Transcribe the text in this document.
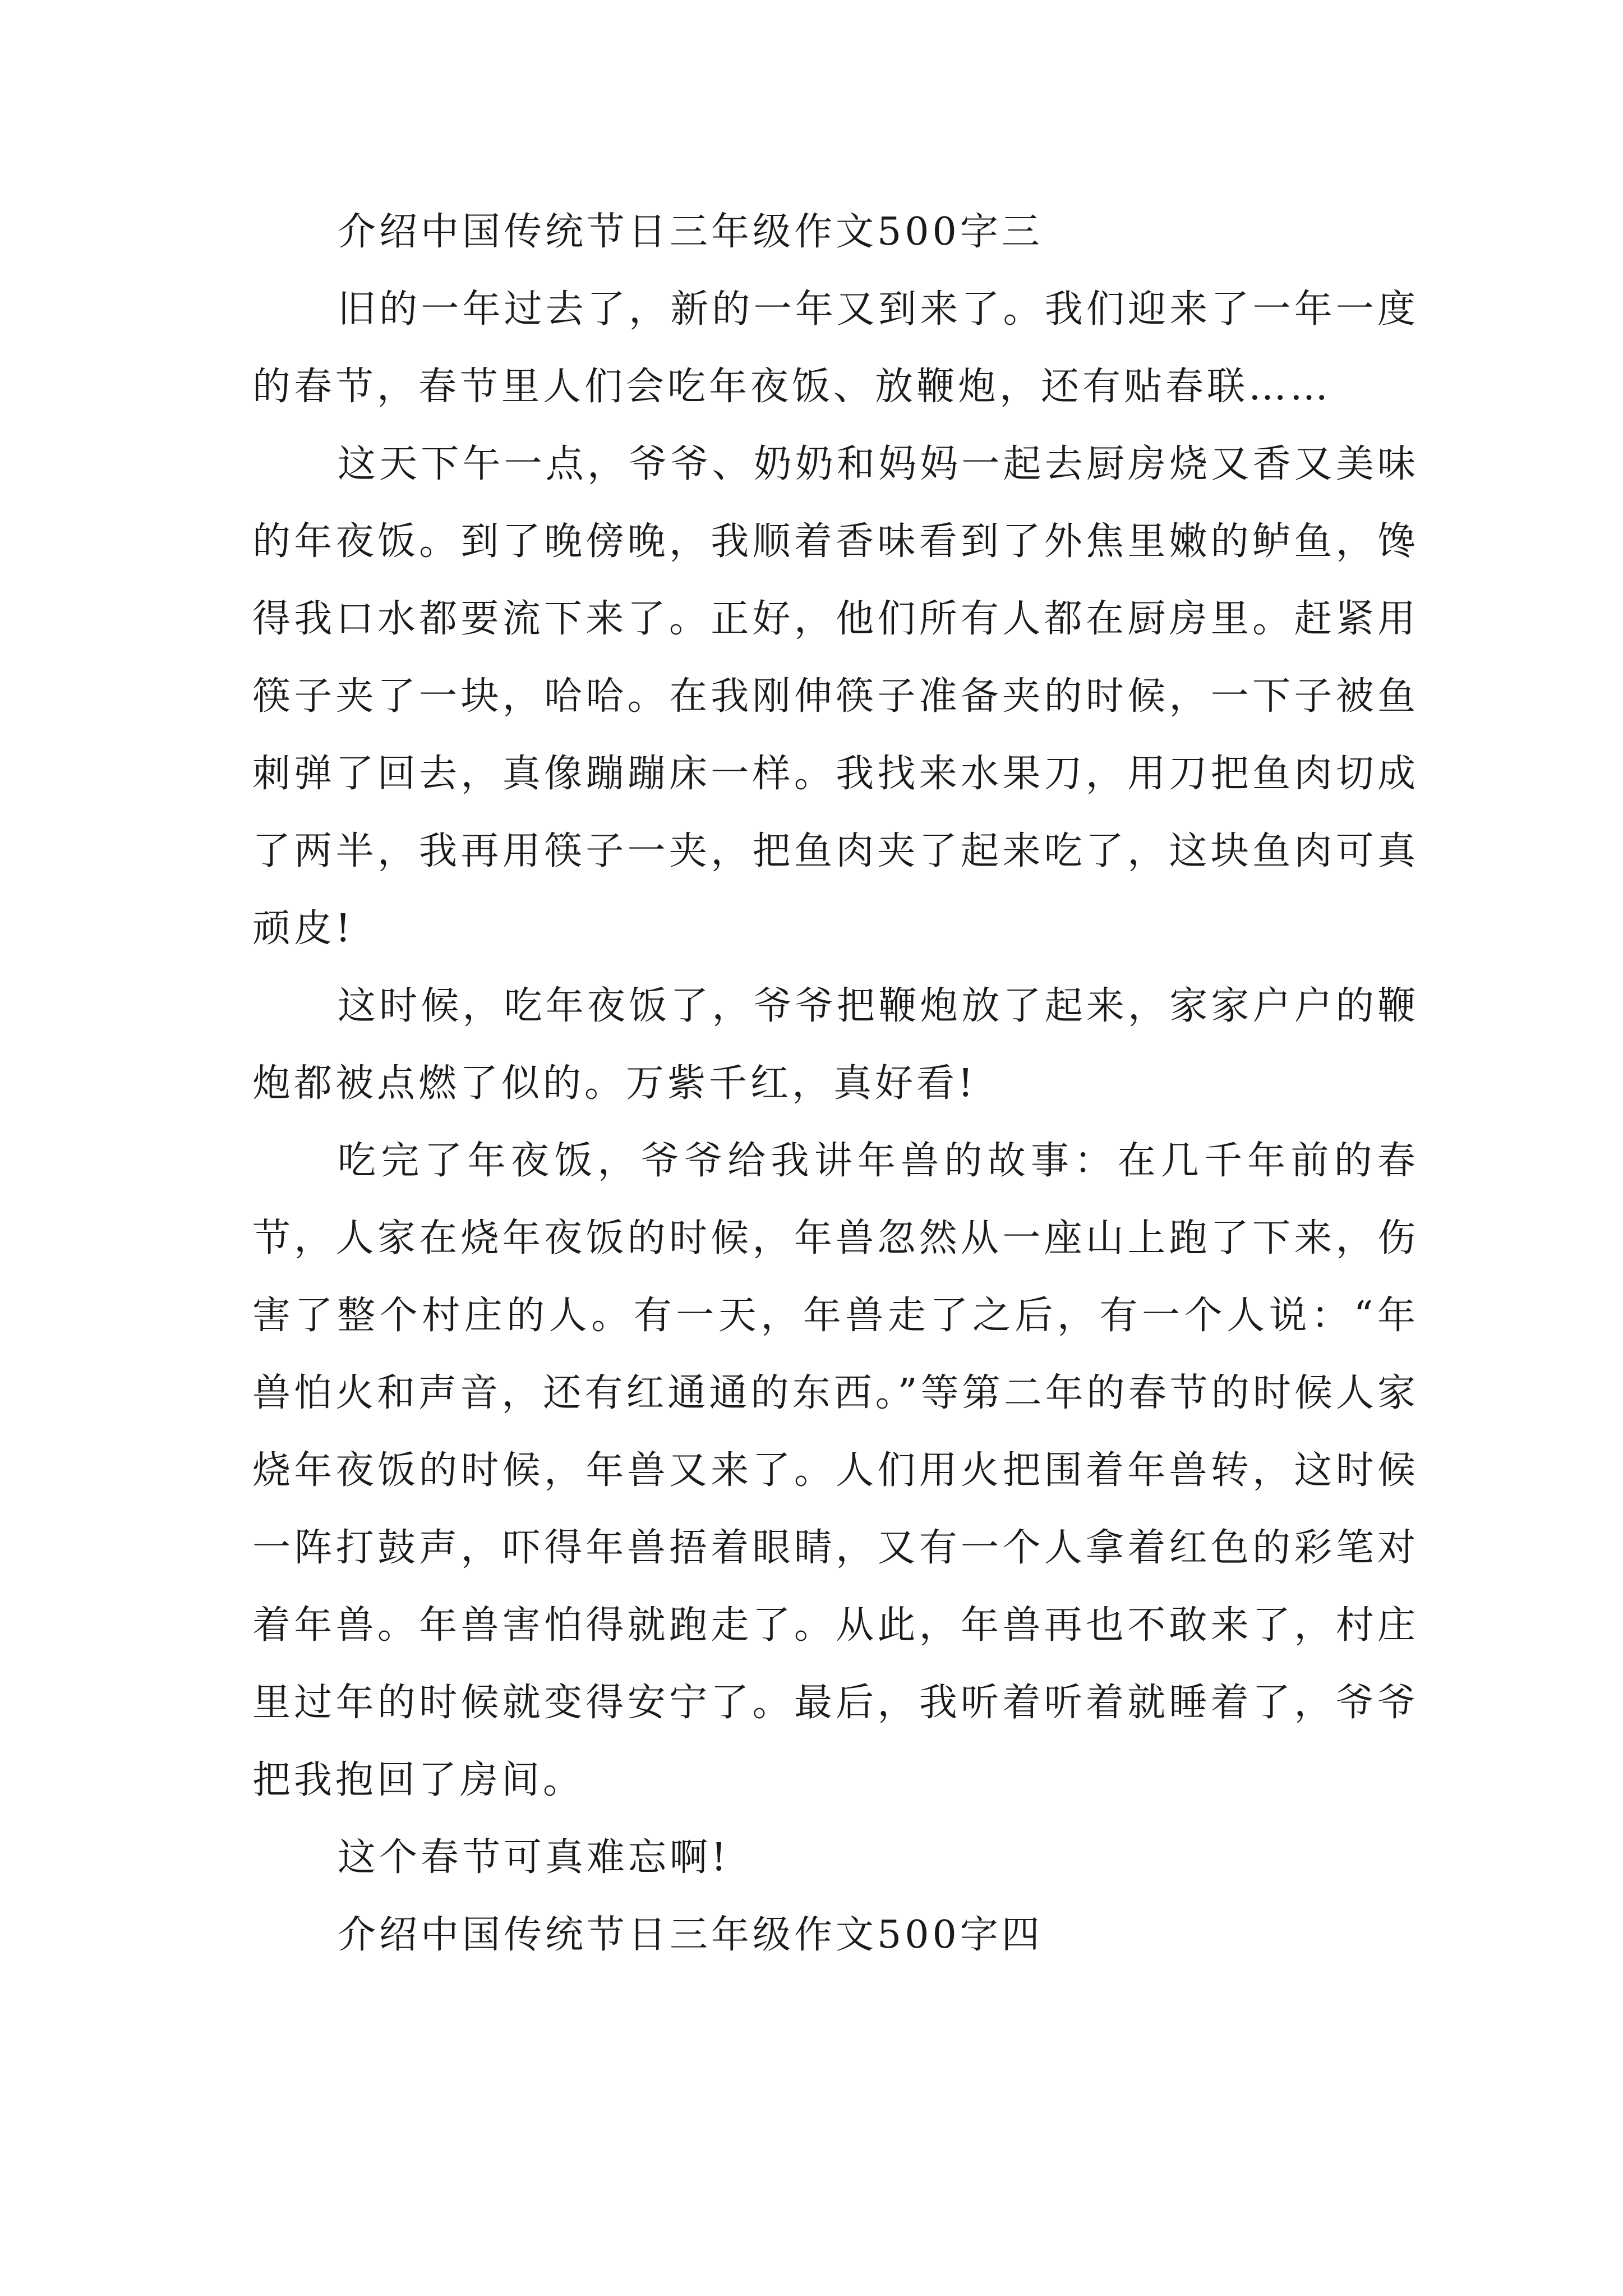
介绍中国传统节日三年级作文500字三

旧的一年过去了，新的一年又到来了。我们迎来了一年一度的春节，春节里人们会吃年夜饭、放鞭炮，还有贴春联……

这天下午一点，爷爷、奶奶和妈妈一起去厨房烧又香又美味的年夜饭。到了晚傍晚，我顺着香味看到了外焦里嫩的鲈鱼，馋得我口水都要流下来了。正好，他们所有人都在厨房里。赶紧用筷子夹了一块，哈哈。在我刚伸筷子准备夹的时候，一下子被鱼刺弹了回去，真像蹦蹦床一样。我找来水果刀，用刀把鱼肉切成了两半，我再用筷子一夹，把鱼肉夹了起来吃了，这块鱼肉可真顽皮!

这时候，吃年夜饭了，爷爷把鞭炮放了起来，家家户户的鞭炮都被点燃了似的。万紫千红，真好看!

吃完了年夜饭，爷爷给我讲年兽的故事：在几千年前的春节，人家在烧年夜饭的时候，年兽忽然从一座山上跑了下来，伤害了整个村庄的人。有一天，年兽走了之后，有一个人说：“年兽怕火和声音，还有红通通的东西。”等第二年的春节的时候人家烧年夜饭的时候，年兽又来了。人们用火把围着年兽转，这时候一阵打鼓声，吓得年兽捂着眼睛，又有一个人拿着红色的彩笔对着年兽。年兽害怕得就跑走了。从此，年兽再也不敢来了，村庄里过年的时候就变得安宁了。最后，我听着听着就睡着了，爷爷把我抱回了房间。

这个春节可真难忘啊!

介绍中国传统节日三年级作文500字四
